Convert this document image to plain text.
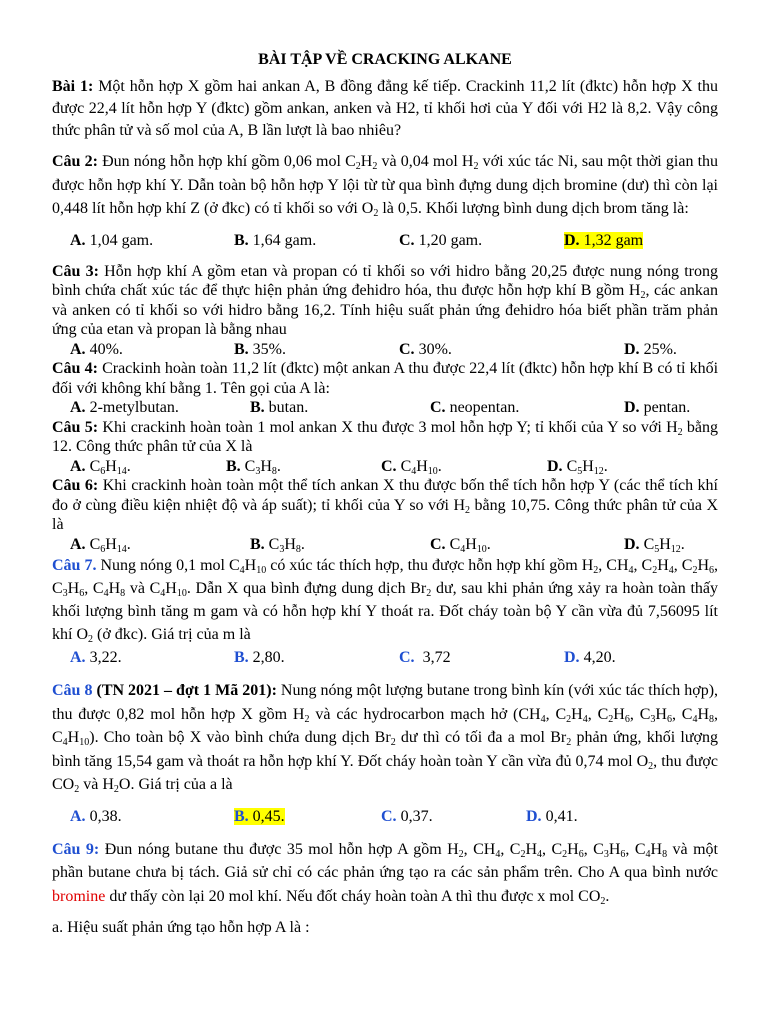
BÀI TẬP VỀ CRACKING ALKANE

Bài 1: Một hỗn hợp X gồm hai ankan A, B đồng đẳng kế tiếp. Crackinh 11,2 lít (đktc) hỗn hợp X thu được 22,4 lít hỗn hợp Y (đktc) gồm ankan, anken và H2, tỉ khối hơi của Y đối với H2 là 8,2. Vậy công thức phân tử và số mol của A, B lần lượt là bao nhiêu?

Câu 2: Đun nóng hỗn hợp khí gồm 0,06 mol $C_2H_2$ và 0,04 mol $H_2$ với xúc tác Ni, sau một thời gian thu được hỗn hợp khí Y. Dẫn toàn bộ hỗn hợp Y lội từ từ qua bình đựng dung dịch bromine (dư) thì còn lại 0,448 lít hỗn hợp khí Z (ở đkc) có tỉ khối so với $O_2$ là 0,5. Khối lượng bình dung dịch brom tăng là:

A. 1,04 gam.	B. 1,64 gam.	C. 1,20 gam.	D. 1,32 gam

Câu 3: Hỗn hợp khí A gồm etan và propan có tỉ khối so với hidro bằng 20,25 được nung nóng trong bình chứa chất xúc tác để thực hiện phản ứng đehidro hóa, thu được hỗn hợp khí B gồm $H_2$, các ankan và anken có tỉ khối so với hidro bằng 16,2. Tính hiệu suất phản ứng đehidro hóa biết phần trăm phản ứng của etan và propan là bằng nhau

A. 40%.	B. 35%.	C. 30%.	D. 25%.

Câu 4: Crackinh hoàn toàn 11,2 lít (đktc) một ankan A thu được 22,4 lít (đktc) hỗn hợp khí B có tỉ khối đối với không khí bằng 1. Tên gọi của A là:

A. 2-metylbutan.	B. butan.	C. neopentan.	D. pentan.

Câu 5: Khi crackinh hoàn toàn 1 mol ankan X thu được 3 mol hỗn hợp Y; tỉ khối của Y so với $H_2$ bằng 12. Công thức phân tử của X là

A. $C_6H_{14}$.	B. $C_3H_8$.	C. $C_4H_{10}$.	D. $C_5H_{12}$.

Câu 6: Khi crackinh hoàn toàn một thể tích ankan X thu được bốn thể tích hỗn hợp Y (các thể tích khí đo ở cùng điều kiện nhiệt độ và áp suất); tỉ khối của Y so với $H_2$ bằng 10,75. Công thức phân tử của X là

A. $C_6H_{14}$.	B. $C_3H_8$.	C. $C_4H_{10}$.	D. $C_5H_{12}$.

Câu 7. Nung nóng 0,1 mol $C_4H_{10}$ có xúc tác thích hợp, thu được hỗn hợp khí gồm $H_2$, $CH_4$, $C_2H_4$, $C_2H_6$, $C_3H_6$, $C_4H_8$ và $C_4H_{10}$. Dẫn X qua bình đựng dung dịch $Br_2$ dư, sau khi phản ứng xảy ra hoàn toàn thấy khối lượng bình tăng m gam và có hỗn hợp khí Y thoát ra. Đốt cháy toàn bộ Y cần vừa đủ 7,56095 lít khí $O_2$ (ở đkc). Giá trị của m là

A. 3,22.	B. 2,80.	C.  3,72	D. 4,20.

Câu 8 (TN 2021 – đợt 1 Mã 201): Nung nóng một lượng butane trong bình kín (với xúc tác thích hợp), thu được 0,82 mol hỗn hợp X gồm $H_2$ và các hydrocarbon mạch hở ($CH_4$, $C_2H_4$, $C_2H_6$, $C_3H_6$, $C_4H_8$, $C_4H_{10}$). Cho toàn bộ X vào bình chứa dung dịch $Br_2$ dư thì có tối đa a mol $Br_2$ phản ứng, khối lượng bình tăng 15,54 gam và thoát ra hỗn hợp khí Y. Đốt cháy hoàn toàn Y cần vừa đủ 0,74 mol $O_2$, thu được $CO_2$ và $H_2O$. Giá trị của a là

A. 0,38.	B. 0,45.	C. 0,37.	D. 0,41.

Câu 9: Đun nóng butane thu được 35 mol hỗn hợp A gồm $H_2$, $CH_4$, $C_2H_4$, $C_2H_6$, $C_3H_6$, $C_4H_8$ và một phần butane chưa bị tách. Giả sử chỉ có các phản ứng tạo ra các sản phẩm trên. Cho A qua bình nước bromine dư thấy còn lại 20 mol khí. Nếu đốt cháy hoàn toàn A thì thu được x mol $CO_2$.

a. Hiệu suất phản ứng tạo hỗn hợp A là :
